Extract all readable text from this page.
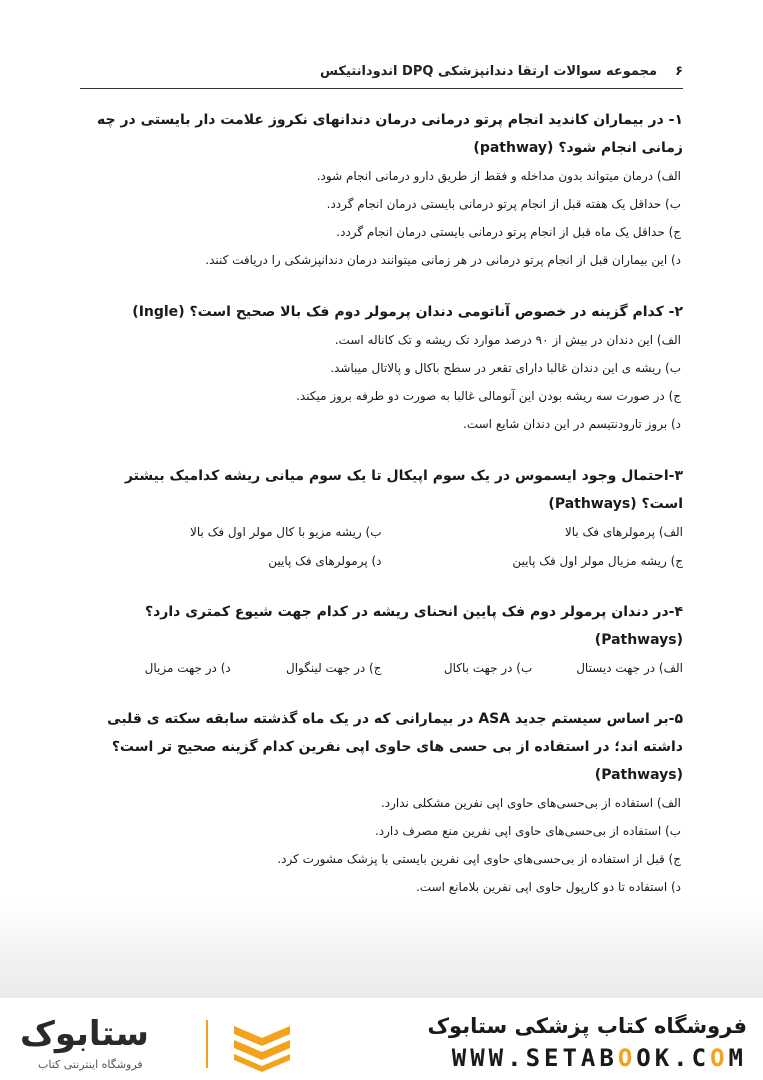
۶
مجموعه سوالات ارتقا دندانپزشکی DPQ اندودانتیکس

۱- در بیماران کاندید انجام پرتو درمانی درمان دندانهای نکروز علامت دار بایستی در چه زمانی انجام شود؟ (pathway)

الف) درمان میتواند بدون مداخله و فقط از طریق دارو درمانی انجام شود.

ب) حداقل یک هفته قبل از انجام پرتو درمانی بایستی درمان انجام گردد.

ج) حداقل یک ماه قبل از انجام پرتو درمانی بایستی درمان انجام گردد.

د) این بیماران قبل از انجام پرتو درمانی در هر زمانی میتوانند درمان دندانپزشکی را دریافت کنند.

۲- کدام گزینه در خصوص آناتومی دندان پرمولر دوم فک بالا صحیح است؟ (Ingle)

الف) این دندان در بیش از ۹۰ درصد موارد تک ریشه و تک کاناله است.

ب) ریشه ی این دندان غالبا دارای تقعر در سطح باکال و پالاتال میباشد.

ج) در صورت سه ریشه بودن این آنومالی غالبا به صورت دو طرفه بروز میکند.

د) بروز تارودنتیسم در این دندان شایع است.

۳-احتمال وجود ایسموس در یک سوم اپیکال تا یک سوم میانی ریشه کدامیک بیشتر است؟ (Pathways)

الف) پرمولرهای فک بالا
ب) ریشه مزیو با کال مولر اول فک بالا
ج) ریشه مزیال مولر اول فک پایین
د) پرمولرهای فک پایین

۴-در دندان پرمولر دوم فک پایین انحنای ریشه در کدام جهت شیوع کمتری دارد؟ (Pathways)

الف) در جهت دیستال
ب) در جهت باکال
ج) در جهت لینگوال
د) در جهت مزیال

۵-بر اساس سیستم جدید ASA در بیمارانی که در یک ماه گذشته سابقه سکته ی قلبی داشته اند؛ در استفاده از بی حسی های حاوی اپی نفرین کدام گزینه صحیح تر است؟ (Pathways)

الف) استفاده از بی‌حسی‌های حاوی اپی نفرین مشکلی ندارد.

ب) استفاده از بی‌حسی‌های حاوی اپی نفرین منع مصرف دارد.

ج) قبل از استفاده از بی‌حسی‌های حاوی اپی نفرین بایستی با پزشک مشورت کرد.

د) استفاده تا دو کارپول حاوی اپی نفرین بلامانع است.

ستابوک
فروشگاه اینترنتی کتاب
فروشگاه کتاب پزشکی ستابوک
WWW.SETABOOK.COM
